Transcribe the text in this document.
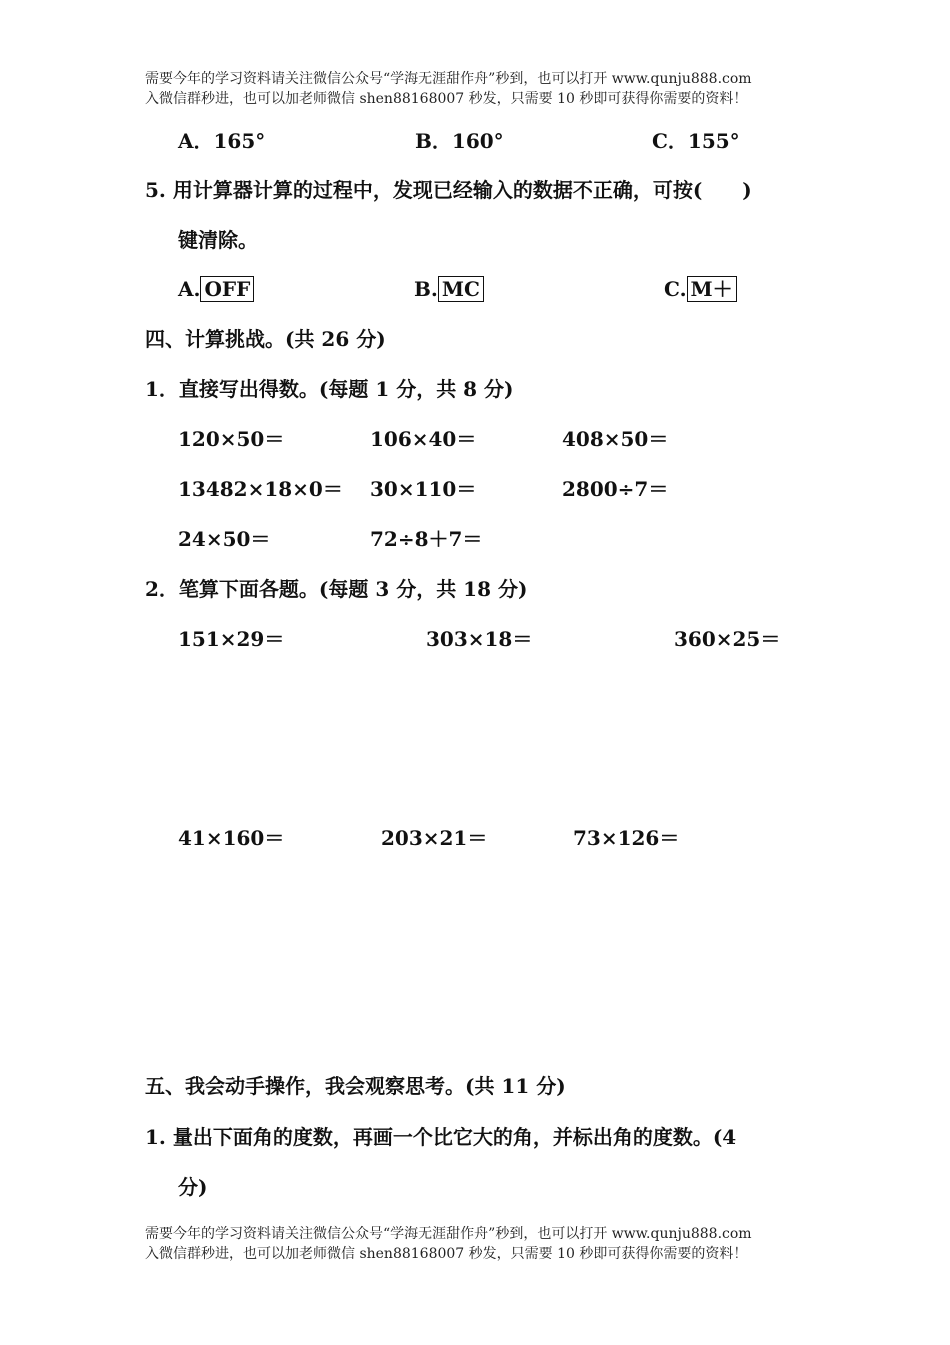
需要今年的学习资料请关注微信公众号“学海无涯甜作舟”秒到，也可以打开 www.qunju888.com
入微信群秒进，也可以加老师微信 shen88168007 秒发，只需要 10 秒即可获得你需要的资料！
A．165°	B．160°	C．155°
5. 用计算器计算的过程中，发现已经输入的数据不正确，可按(　　)
键清除。
A. OFF	B. MC	C. M＋
四、计算挑战。(共 26 分)
1．直接写出得数。(每题 1 分，共 8 分)
120×50＝	106×40＝	408×50＝
13482×18×0＝ 30×110＝	2800÷7＝
24×50＝	72÷8＋7＝
2．笔算下面各题。(每题 3 分，共 18 分)
151×29＝	303×18＝	360×25＝
41×160＝	203×21＝	73×126＝
五、我会动手操作，我会观察思考。(共 11 分)
1. 量出下面角的度数，再画一个比它大的角，并标出角的度数。(4
分)
需要今年的学习资料请关注微信公众号“学海无涯甜作舟”秒到，也可以打开 www.qunju888.com
入微信群秒进，也可以加老师微信 shen88168007 秒发，只需要 10 秒即可获得你需要的资料！
